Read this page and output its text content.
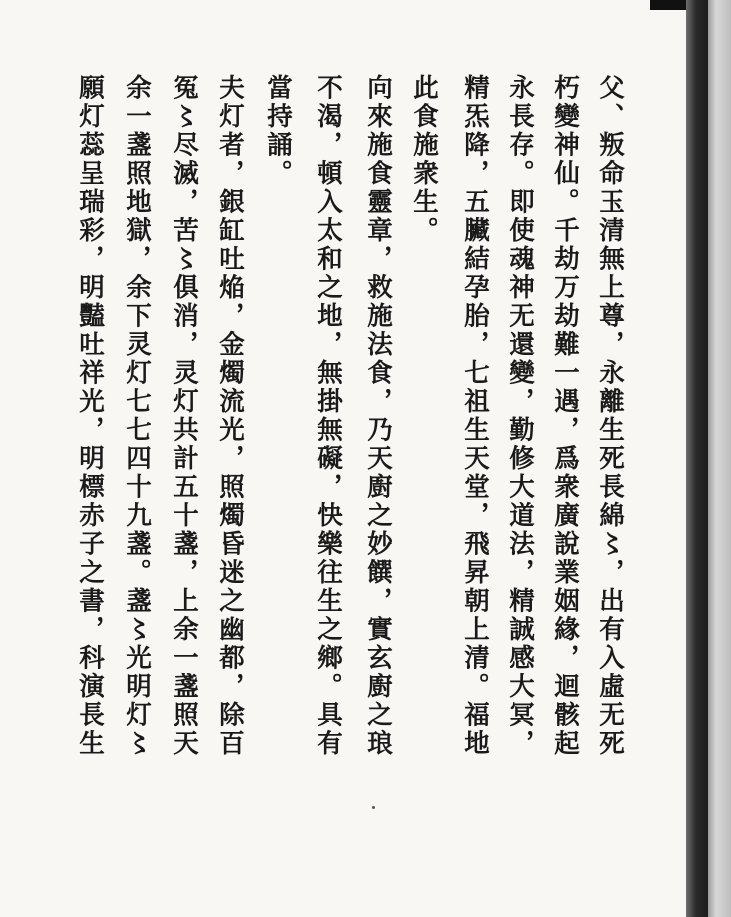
父、叛命玉清無上尊，永離生死長綿〻，出有入虛无死
朽變神仙。千劫万劫難一遇，爲衆廣說業姻緣，迴骸起
永長存。即使魂神无還變，勤修大道法，精誠感大冥，
精炁降，五臟結孕胎，七祖生天堂，飛昇朝上清。福地
此食施衆生。
向來施食靈章，救施法食，乃天廚之妙饌，實玄廚之琅
不渴，頓入太和之地，無掛無礙，快樂往生之鄉。具有
當持誦。
夫灯者，銀缸吐焔，金燭流光，照燭昏迷之幽都，除百
冤〻尽滅，苦〻俱消，灵灯共計五十盞，上余一盞照天
余一盞照地獄，余下灵灯七七四十九盞。盞〻光明灯〻
願灯蕊呈瑞彩，明豔吐祥光，明標赤子之書，科演長生
